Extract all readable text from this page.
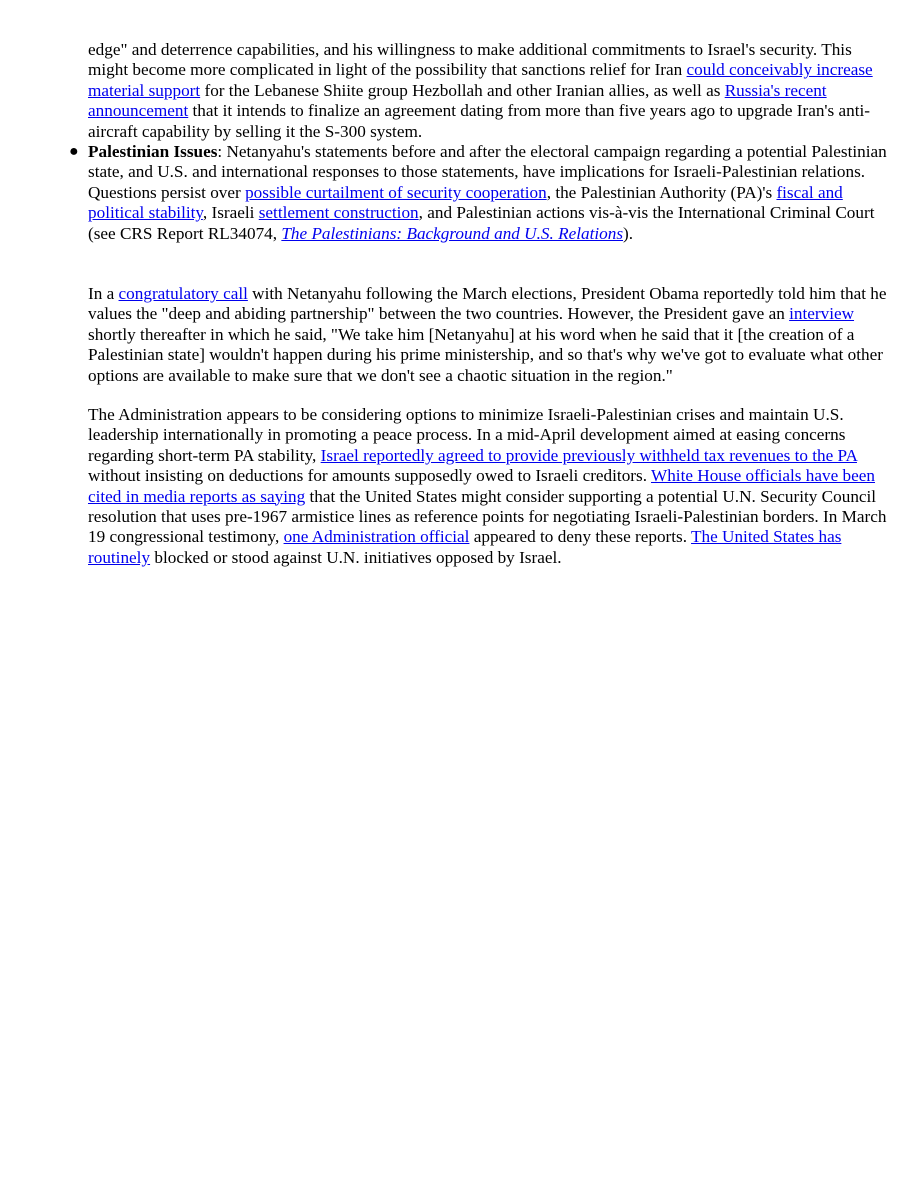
edge" and deterrence capabilities, and his willingness to make additional commitments to Israel's security. This might become more complicated in light of the possibility that sanctions relief for Iran could conceivably increase material support for the Lebanese Shiite group Hezbollah and other Iranian allies, as well as Russia's recent announcement that it intends to finalize an agreement dating from more than five years ago to upgrade Iran's anti-aircraft capability by selling it the S-300 system.

● Palestinian Issues: Netanyahu's statements before and after the electoral campaign regarding a potential Palestinian state, and U.S. and international responses to those statements, have implications for Israeli-Palestinian relations. Questions persist over possible curtailment of security cooperation, the Palestinian Authority (PA)'s fiscal and political stability, Israeli settlement construction, and Palestinian actions vis-à-vis the International Criminal Court (see CRS Report RL34074, The Palestinians: Background and U.S. Relations).

In a congratulatory call with Netanyahu following the March elections, President Obama reportedly told him that he values the "deep and abiding partnership" between the two countries. However, the President gave an interview shortly thereafter in which he said, "We take him [Netanyahu] at his word when he said that it [the creation of a Palestinian state] wouldn't happen during his prime ministership, and so that's why we've got to evaluate what other options are available to make sure that we don't see a chaotic situation in the region."

The Administration appears to be considering options to minimize Israeli-Palestinian crises and maintain U.S. leadership internationally in promoting a peace process. In a mid-April development aimed at easing concerns regarding short-term PA stability, Israel reportedly agreed to provide previously withheld tax revenues to the PA without insisting on deductions for amounts supposedly owed to Israeli creditors. White House officials have been cited in media reports as saying that the United States might consider supporting a potential U.N. Security Council resolution that uses pre-1967 armistice lines as reference points for negotiating Israeli-Palestinian borders. In March 19 congressional testimony, one Administration official appeared to deny these reports. The United States has routinely blocked or stood against U.N. initiatives opposed by Israel.
